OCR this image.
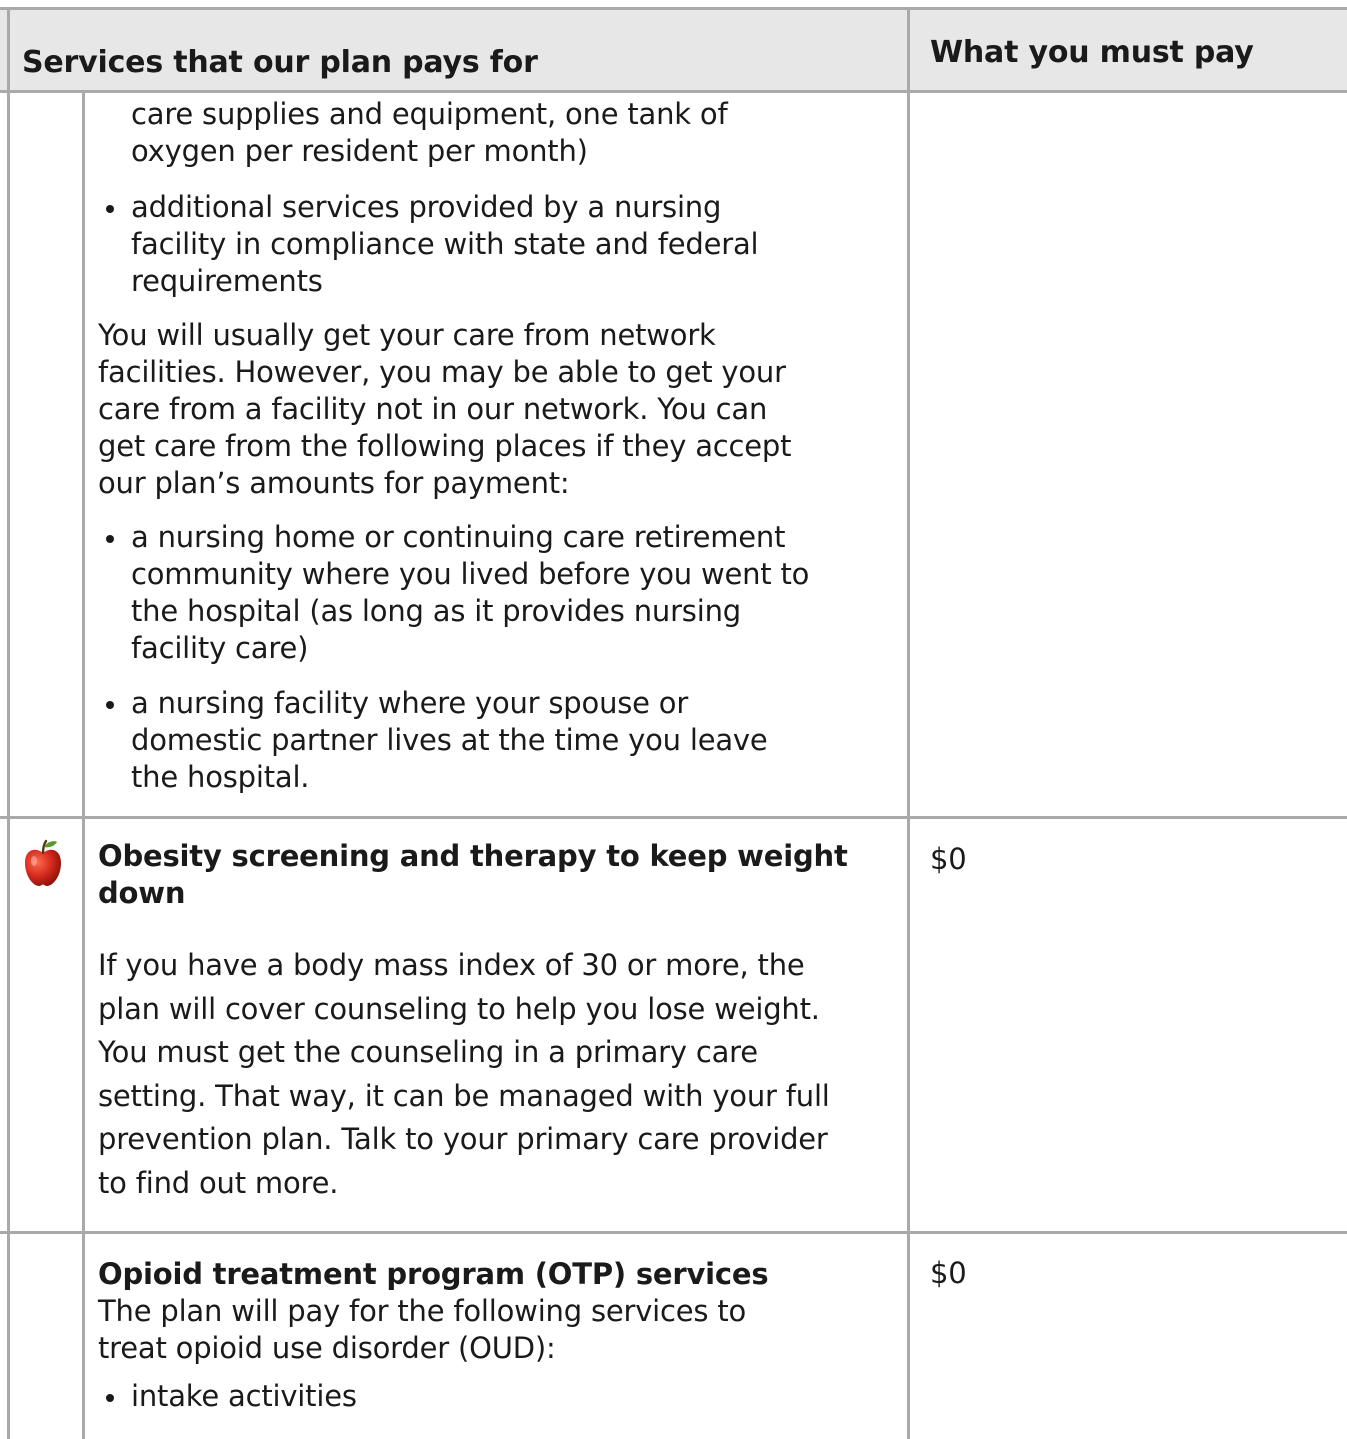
Services that our plan pays for	What you must pay
care supplies and equipment, one tank of
oxygen per resident per month)
additional services provided by a nursing
facility in compliance with state and federal
requirements

You will usually get your care from network

facilities. However, you may be able to get your

care from a facility not in our network. You can

get care from the following places if they accept

our plan’s amounts for payment:

a nursing home or continuing care retirement
community where you lived before you went to
the hospital (as long as it provides nursing
facility care)
a nursing facility where your spouse or
domestic partner lives at the time you leave
the hospital.
Obesity screening and therapy to keep weight
down

If you have a body mass index of 30 or more, the

plan will cover counseling to help you lose weight.

You must get the counseling in a primary care

setting. That way, it can be managed with your full

prevention plan. Talk to your primary care provider

to find out more.

$0
Opioid treatment program (OTP) services

The plan will pay for the following services to

treat opioid use disorder (OUD):

intake activities
$0
